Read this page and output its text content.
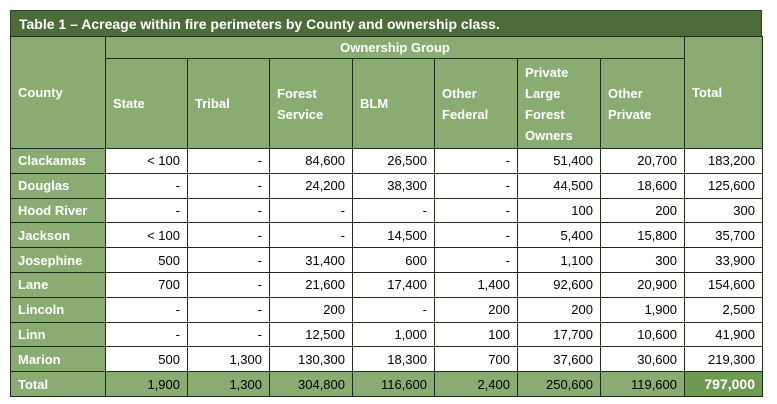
Table 1 – Acreage within fire perimeters by County and ownership class.
County	Ownership Group							Total
	State	Tribal	Forest Service	BLM	Other Federal	Private Large Forest Owners	Other Private	
Clackamas	< 100	-	84,600	26,500	-	51,400	20,700	183,200
Douglas	-	-	24,200	38,300	-	44,500	18,600	125,600
Hood River	-	-	-	-	-	100	200	300
Jackson	< 100	-	-	14,500	-	5,400	15,800	35,700
Josephine	500	-	31,400	600	-	1,100	300	33,900
Lane	700	-	21,600	17,400	1,400	92,600	20,900	154,600
Lincoln	-	-	200	-	200	200	1,900	2,500
Linn	-	-	12,500	1,000	100	17,700	10,600	41,900
Marion	500	1,300	130,300	18,300	700	37,600	30,600	219,300
Total	1,900	1,300	304,800	116,600	2,400	250,600	119,600	797,000
